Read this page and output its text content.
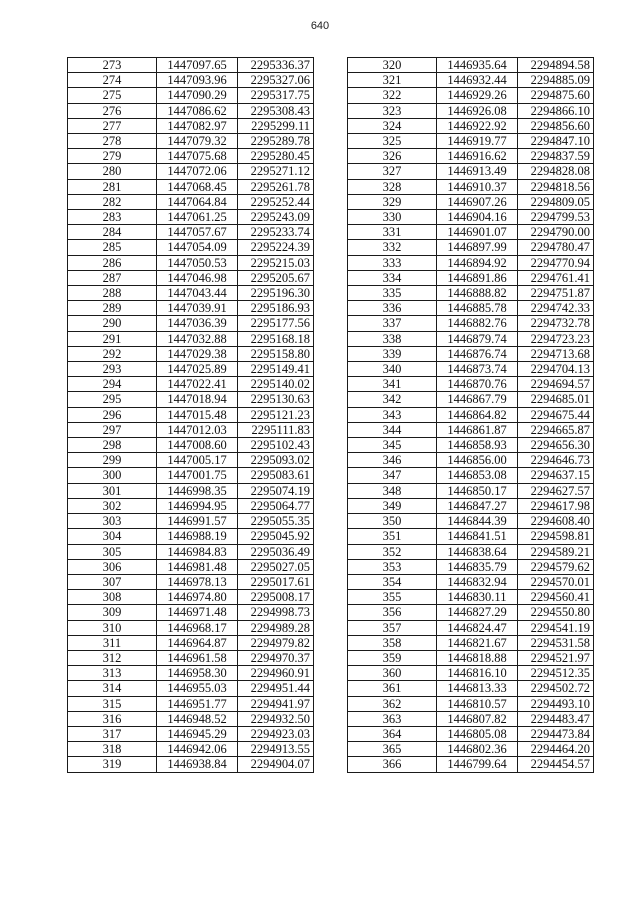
640
273	1447097.65	2295336.37
274	1447093.96	2295327.06
275	1447090.29	2295317.75
276	1447086.62	2295308.43
277	1447082.97	2295299.11
278	1447079.32	2295289.78
279	1447075.68	2295280.45
280	1447072.06	2295271.12
281	1447068.45	2295261.78
282	1447064.84	2295252.44
283	1447061.25	2295243.09
284	1447057.67	2295233.74
285	1447054.09	2295224.39
286	1447050.53	2295215.03
287	1447046.98	2295205.67
288	1447043.44	2295196.30
289	1447039.91	2295186.93
290	1447036.39	2295177.56
291	1447032.88	2295168.18
292	1447029.38	2295158.80
293	1447025.89	2295149.41
294	1447022.41	2295140.02
295	1447018.94	2295130.63
296	1447015.48	2295121.23
297	1447012.03	2295111.83
298	1447008.60	2295102.43
299	1447005.17	2295093.02
300	1447001.75	2295083.61
301	1446998.35	2295074.19
302	1446994.95	2295064.77
303	1446991.57	2295055.35
304	1446988.19	2295045.92
305	1446984.83	2295036.49
306	1446981.48	2295027.05
307	1446978.13	2295017.61
308	1446974.80	2295008.17
309	1446971.48	2294998.73
310	1446968.17	2294989.28
311	1446964.87	2294979.82
312	1446961.58	2294970.37
313	1446958.30	2294960.91
314	1446955.03	2294951.44
315	1446951.77	2294941.97
316	1446948.52	2294932.50
317	1446945.29	2294923.03
318	1446942.06	2294913.55
319	1446938.84	2294904.07
320	1446935.64	2294894.58
321	1446932.44	2294885.09
322	1446929.26	2294875.60
323	1446926.08	2294866.10
324	1446922.92	2294856.60
325	1446919.77	2294847.10
326	1446916.62	2294837.59
327	1446913.49	2294828.08
328	1446910.37	2294818.56
329	1446907.26	2294809.05
330	1446904.16	2294799.53
331	1446901.07	2294790.00
332	1446897.99	2294780.47
333	1446894.92	2294770.94
334	1446891.86	2294761.41
335	1446888.82	2294751.87
336	1446885.78	2294742.33
337	1446882.76	2294732.78
338	1446879.74	2294723.23
339	1446876.74	2294713.68
340	1446873.74	2294704.13
341	1446870.76	2294694.57
342	1446867.79	2294685.01
343	1446864.82	2294675.44
344	1446861.87	2294665.87
345	1446858.93	2294656.30
346	1446856.00	2294646.73
347	1446853.08	2294637.15
348	1446850.17	2294627.57
349	1446847.27	2294617.98
350	1446844.39	2294608.40
351	1446841.51	2294598.81
352	1446838.64	2294589.21
353	1446835.79	2294579.62
354	1446832.94	2294570.01
355	1446830.11	2294560.41
356	1446827.29	2294550.80
357	1446824.47	2294541.19
358	1446821.67	2294531.58
359	1446818.88	2294521.97
360	1446816.10	2294512.35
361	1446813.33	2294502.72
362	1446810.57	2294493.10
363	1446807.82	2294483.47
364	1446805.08	2294473.84
365	1446802.36	2294464.20
366	1446799.64	2294454.57
